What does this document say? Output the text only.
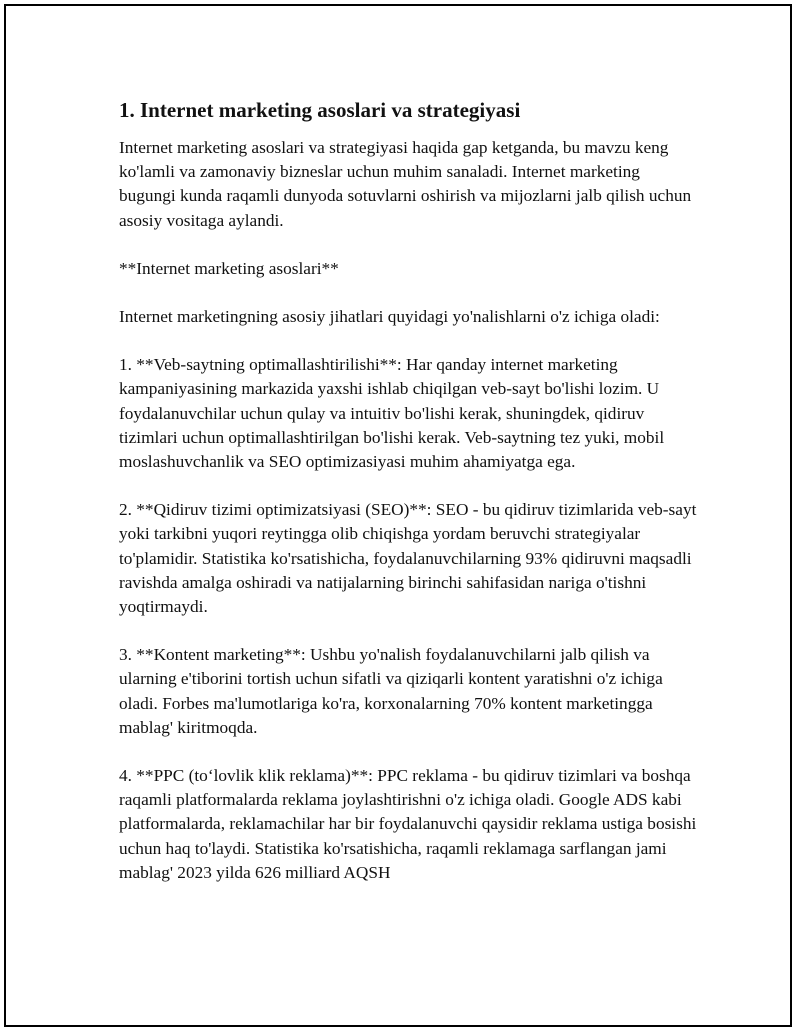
1. Internet marketing asoslari va strategiyasi

Internet marketing asoslari va strategiyasi haqida gap ketganda, bu mavzu keng ko'lamli va zamonaviy bizneslar uchun muhim sanaladi. Internet marketing bugungi kunda raqamli dunyoda sotuvlarni oshirish va mijozlarni jalb qilish uchun asosiy vositaga aylandi.

**Internet marketing asoslari**

Internet marketingning asosiy jihatlari quyidagi yo'nalishlarni o'z ichiga oladi:

1. **Veb-saytning optimallashtirilishi**: Har qanday internet marketing kampaniyasining markazida yaxshi ishlab chiqilgan veb-sayt bo'lishi lozim. U foydalanuvchilar uchun qulay va intuitiv bo'lishi kerak, shuningdek, qidiruv tizimlari uchun optimallashtirilgan bo'lishi kerak. Veb-saytning tez yuki, mobil moslashuvchanlik va SEO optimizasiyasi muhim ahamiyatga ega.

2. **Qidiruv tizimi optimizatsiyasi (SEO)**: SEO - bu qidiruv tizimlarida veb-sayt yoki tarkibni yuqori reytingga olib chiqishga yordam beruvchi strategiyalar to'plamidir. Statistika ko'rsatishicha, foydalanuvchilarning 93% qidiruvni maqsadli ravishda amalga oshiradi va natijalarning birinchi sahifasidan nariga o'tishni yoqtirmaydi.

3. **Kontent marketing**: Ushbu yo'nalish foydalanuvchilarni jalb qilish va ularning e'tiborini tortish uchun sifatli va qiziqarli kontent yaratishni o'z ichiga oladi. Forbes ma'lumotlariga ko'ra, korxonalarning 70% kontent marketingga mablag' kiritmoqda.

4. **PPC (to‘lovlik klik reklama)**: PPC reklama - bu qidiruv tizimlari va boshqa raqamli platformalarda reklama joylashtirishni o'z ichiga oladi. Google ADS kabi platformalarda, reklamachilar har bir foydalanuvchi qaysidir reklama ustiga bosishi uchun haq to'laydi. Statistika ko'rsatishicha, raqamli reklamaga sarflangan jami mablag' 2023 yilda 626 milliard AQSH
